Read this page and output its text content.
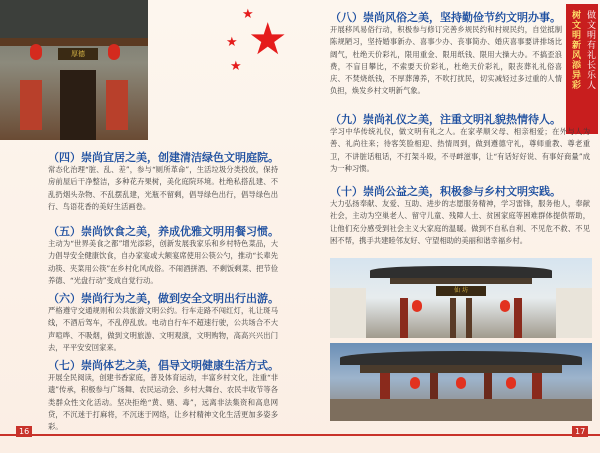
厚德	★
★
★
★
（四）崇尚宜居之美，创建清洁绿色文明庭院。
常态化治理“脏、乱、差”，参与“厕所革命”，生活垃圾分类投放，保持房前屋后干净整洁，多种花卉果树，美化庭院环境。杜绝私搭乱建、不乱扔烟头杂物、不乱摆乱建，光瓶不留剩，倡导绿色出行，倡导绿色出行、鸟语花香的美好生活画卷。
（五）崇尚饮食之美，养成优雅文明用餐习惯。
主动为“世界美食之都”增光添彩，创新发展我家乐和乡村特色菜品，大力倡导安全健康饮食，自办家宴或大额宴席使用公筷公勺，推动“长辈先动筷、夹菜用公筷”在乡村化风成俗。不闹酒拼酒、不剩饭剩菜、把节俭养德、“光盘行动”变成自觉行动。
（六）崇尚行为之美，做到安全文明出行出游。
严格遵守交通规则和公共旅游文明公约。行车走路不闯红灯，礼让斑马线，不酒后驾车，不乱停乱放。电动自行车不超速行驶，公共场合不大声喧哗、不吸烟，做到文明旅游、文明观演，文明购物，高高兴兴出门去，平平安安回家来。
（七）崇尚体艺之美，倡导文明健康生活方式。
开展全民阅读，创建书香家庭，普及体育运动，丰富乡村文化，注重“非遗”传承，积极参与广场舞、农民运动会、乡村大舞台、农民丰收节等各类群众性文化活动。坚决拒绝“黄、赌、毒”，远离非法集资和高息网贷，不沉迷于打麻将，不沉迷于网络，让乡村精神文化生活更加多姿多彩。
做文明有礼长乐人
树文明新风添异彩
（八）崇尚风俗之美，坚持勤俭节约文明办事。
开展移风易俗行动，积极参与修订完善乡规民约和村规民约，自觉抵制陈规陋习，坚持婚事新办、喜事少办、丧事简办、婚庆喜事要讲排场比阔气，杜绝天价彩礼，限用重金、限用纸钱、限用大操大办。不搞歪浪费，不盲目攀比，不索要天价彩礼，杜绝天价彩礼，限丧葬礼礼俗喜庆、不焚烧纸钱，不厚葬薄养，不吹打扰民，切实减轻过多过重的人情负担，焕发乡村文明新气象。
（九）崇尚礼仪之美，注重文明礼貌热情待人。
学习中华传统礼仪，做文明有礼之人。在家孝顺父母、相亲相爱；在外与人为善、礼尚往来；待客笑脸相迎、热情周到，做到遵德守礼，尊师重教、尊老重卫，不讲脏话粗话，不打架斗殴，不寻衅滋事，让“有话好好说、有事好商量”成为一种习惯。
（十）崇尚公益之美，积极参与乡村文明实践。
大力弘扬奉献、友爱、互助、进步的志愿服务精神，学习雷锋，服务他人，奉献社会，主动为空巢老人、留守儿童、残障人士、贫困家庭等困难群体提供帮助，让他们充分感受到社会主义大家庭的温暖。做到不自私自利、不见危不救、不见困不帮，携手共建睦邻友好、守望相助的美丽和谐幸福乡村。
仙 坊
16	17
